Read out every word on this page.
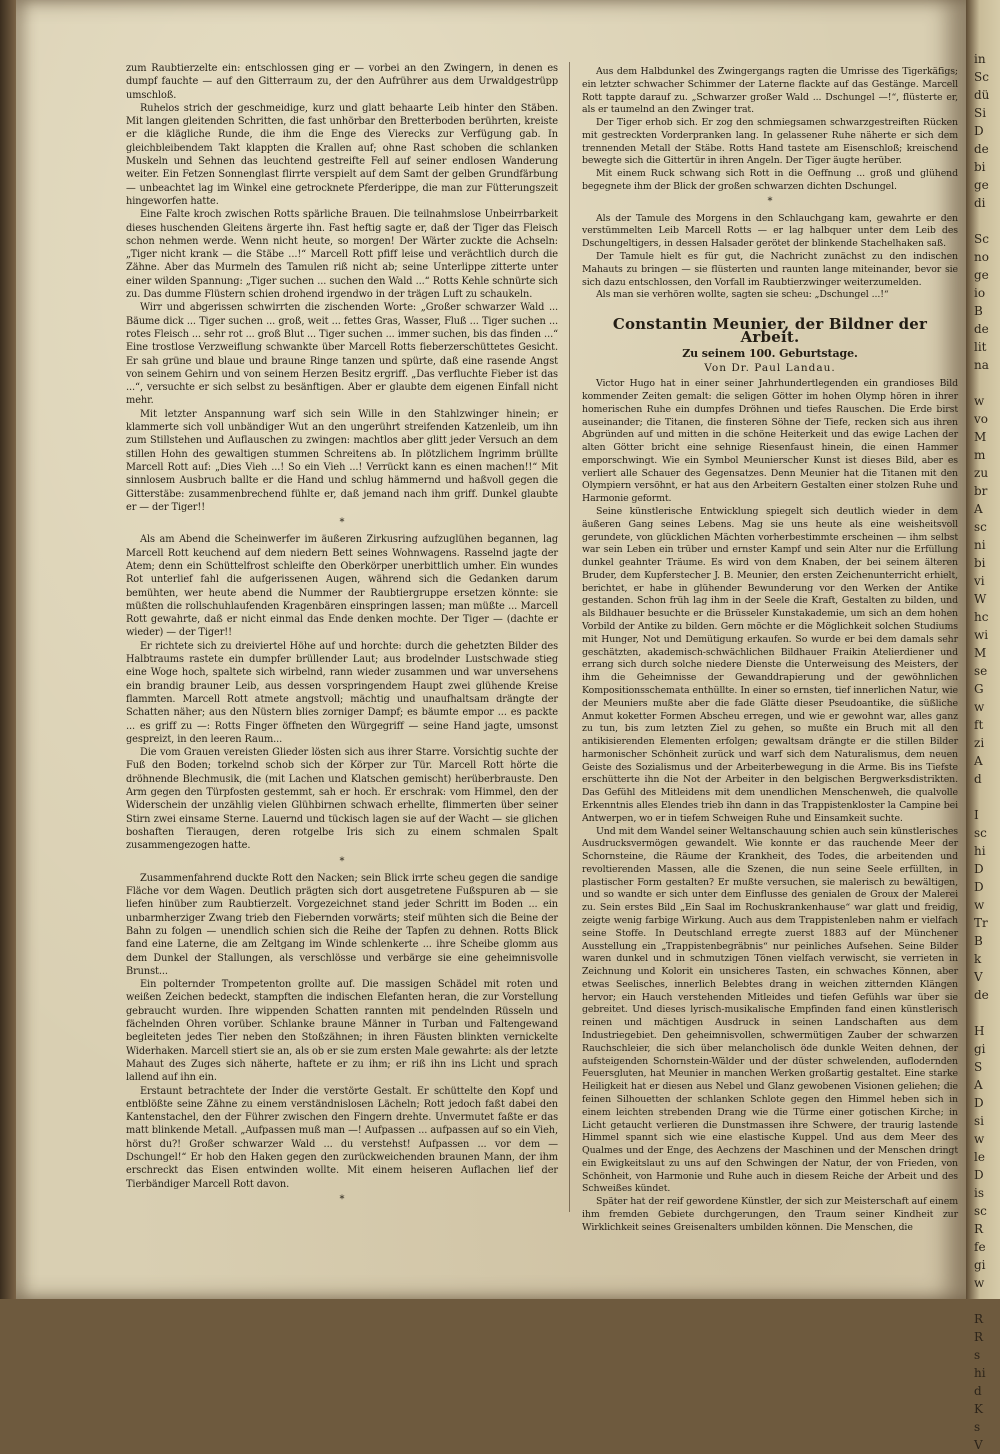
zum Raubtierzelte ein: entschlossen ging er — vorbei an den Zwingern, in denen es dumpf fauchte — auf den Gitterraum zu, der den Aufrührer aus dem Urwaldgestrüpp umschloß.

Ruhelos strich der geschmeidige, kurz und glatt behaarte Leib hinter den Stäben. Mit langen gleitenden Schritten, die fast unhörbar den Bretterboden berührten, kreiste er die klägliche Runde, die ihm die Enge des Vierecks zur Verfügung gab. In gleichbleibendem Takt klappten die Krallen auf; ohne Rast schoben die schlanken Muskeln und Sehnen das leuchtend gestreifte Fell auf seiner endlosen Wanderung weiter. Ein Fetzen Sonnenglast flirrte verspielt auf dem Samt der gelben Grundfärbung — unbeachtet lag im Winkel eine getrocknete Pferderippe, die man zur Fütterungszeit hingeworfen hatte.

Eine Falte kroch zwischen Rotts spärliche Brauen. Die teilnahmslose Unbeirrbarkeit dieses huschenden Gleitens ärgerte ihn. Fast heftig sagte er, daß der Tiger das Fleisch schon nehmen werde. Wenn nicht heute, so morgen! Der Wärter zuckte die Achseln: „Tiger nicht krank — die Stäbe ...!“ Marcell Rott pfiff leise und verächtlich durch die Zähne. Aber das Murmeln des Tamulen riß nicht ab; seine Unterlippe zitterte unter einer wilden Spannung: „Tiger suchen ... suchen den Wald ...“ Rotts Kehle schnürte sich zu. Das dumme Flüstern schien drohend irgendwo in der trägen Luft zu schaukeln.

Wirr und abgerissen schwirrten die zischenden Worte: „Großer schwarzer Wald ... Bäume dick ... Tiger suchen ... groß, weit ... fettes Gras, Wasser, Fluß ... Tiger suchen ... rotes Fleisch ... sehr rot ... groß Blut ... Tiger suchen ... immer suchen, bis das finden ...“ Eine trostlose Verzweiflung schwankte über Marcell Rotts fieberzerschüttetes Gesicht. Er sah grüne und blaue und braune Ringe tanzen und spürte, daß eine rasende Angst von seinem Gehirn und von seinem Herzen Besitz ergriff. „Das verfluchte Fieber ist das ...“, versuchte er sich selbst zu besänftigen. Aber er glaubte dem eigenen Einfall nicht mehr.

Mit letzter Anspannung warf sich sein Wille in den Stahlzwinger hinein; er klammerte sich voll unbändiger Wut an den ungerührt streifenden Katzenleib, um ihn zum Stillstehen und Auflauschen zu zwingen: machtlos aber glitt jeder Versuch an dem stillen Hohn des gewaltigen stummen Schreitens ab. In plötzlichem Ingrimm brüllte Marcell Rott auf: „Dies Vieh ...! So ein Vieh ...! Verrückt kann es einen machen!!“ Mit sinnlosem Ausbruch ballte er die Hand und schlug hämmernd und haßvoll gegen die Gitterstäbe: zusammenbrechend fühlte er, daß jemand nach ihm griff. Dunkel glaubte er — der Tiger!!

*

Als am Abend die Scheinwerfer im äußeren Zirkusring aufzuglühen begannen, lag Marcell Rott keuchend auf dem niedern Bett seines Wohnwagens. Rasselnd jagte der Atem; denn ein Schüttelfrost schleifte den Oberkörper unerbittlich umher. Ein wundes Rot unterlief fahl die aufgerissenen Augen, während sich die Gedanken darum bemühten, wer heute abend die Nummer der Raubtiergruppe ersetzen könnte: sie müßten die rollschuhlaufenden Kragenbären einspringen lassen; man müßte ... Marcell Rott gewahrte, daß er nicht einmal das Ende denken mochte. Der Tiger — (dachte er wieder) — der Tiger!!

Er richtete sich zu dreiviertel Höhe auf und horchte: durch die gehetzten Bilder des Halbtraums rastete ein dumpfer brüllender Laut; aus brodelnder Lustschwade stieg eine Woge hoch, spaltete sich wirbelnd, rann wieder zusammen und war unversehens ein brandig brauner Leib, aus dessen vorspringendem Haupt zwei glühende Kreise flammten. Marcell Rott atmete angstvoll; mächtig und unaufhaltsam drängte der Schatten näher; aus den Nüstern blies zorniger Dampf; es bäumte empor ... es packte ... es griff zu —: Rotts Finger öffneten den Würgegriff — seine Hand jagte, umsonst gespreizt, in den leeren Raum...

Die vom Grauen vereisten Glieder lösten sich aus ihrer Starre. Vorsichtig suchte der Fuß den Boden; torkelnd schob sich der Körper zur Tür. Marcell Rott hörte die dröhnende Blechmusik, die (mit Lachen und Klatschen gemischt) herüberbrauste. Den Arm gegen den Türpfosten gestemmt, sah er hoch. Er erschrak: vom Himmel, den der Widerschein der unzählig vielen Glühbirnen schwach erhellte, flimmerten über seiner Stirn zwei einsame Sterne. Lauernd und tückisch lagen sie auf der Wacht — sie glichen boshaften Tieraugen, deren rotgelbe Iris sich zu einem schmalen Spalt zusammengezogen hatte.

*

Zusammenfahrend duckte Rott den Nacken; sein Blick irrte scheu gegen die sandige Fläche vor dem Wagen. Deutlich prägten sich dort ausgetretene Fußspuren ab — sie liefen hinüber zum Raubtierzelt. Vorgezeichnet stand jeder Schritt im Boden ... ein unbarmherziger Zwang trieb den Fiebernden vorwärts; steif mühten sich die Beine der Bahn zu folgen — unendlich schien sich die Reihe der Tapfen zu dehnen. Rotts Blick fand eine Laterne, die am Zeltgang im Winde schlenkerte ... ihre Scheibe glomm aus dem Dunkel der Stallungen, als verschlösse und verbärge sie eine geheimnisvolle Brunst...

Ein polternder Trompetenton grollte auf. Die massigen Schädel mit roten und weißen Zeichen bedeckt, stampften die indischen Elefanten heran, die zur Vorstellung gebraucht wurden. Ihre wippenden Schatten rannten mit pendelnden Rüsseln und fächelnden Ohren vorüber. Schlanke braune Männer in Turban und Faltengewand begleiteten jedes Tier neben den Stoßzähnen; in ihren Fäusten blinkten vernickelte Widerhaken. Marcell stiert sie an, als ob er sie zum ersten Male gewahrte: als der letzte Mahaut des Zuges sich näherte, haftete er zu ihm; er riß ihn ins Licht und sprach lallend auf ihn ein.

Erstaunt betrachtete der Inder die verstörte Gestalt. Er schüttelte den Kopf und entblößte seine Zähne zu einem verständnislosen Lächeln; Rott jedoch faßt dabei den Kantenstachel, den der Führer zwischen den Fingern drehte. Unvermutet faßte er das matt blinkende Metall. „Aufpassen muß man —! Aufpassen ... aufpassen auf so ein Vieh, hörst du?! Großer schwarzer Wald ... du verstehst! Aufpassen ... vor dem — Dschungel!“ Er hob den Haken gegen den zurückweichenden braunen Mann, der ihm erschreckt das Eisen entwinden wollte. Mit einem heiseren Auflachen lief der Tierbändiger Marcell Rott davon.

*

Aus dem Halbdunkel des Zwingergangs ragten die Umrisse des Tigerkäfigs; ein letzter schwacher Schimmer der Laterne flackte auf das Gestänge. Marcell Rott tappte darauf zu. „Schwarzer großer Wald ... Dschungel —!“, flüsterte er, als er taumelnd an den Zwinger trat.

Der Tiger erhob sich. Er zog den schmiegsamen schwarzgestreiften Rücken mit gestreckten Vorderpranken lang. In gelassener Ruhe näherte er sich dem trennenden Metall der Stäbe. Rotts Hand tastete am Eisenschloß; kreischend bewegte sich die Gittertür in ihren Angeln. Der Tiger äugte herüber.

Mit einem Ruck schwang sich Rott in die Oeffnung ... groß und glühend begegnete ihm der Blick der großen schwarzen dichten Dschungel.

*

Als der Tamule des Morgens in den Schlauchgang kam, gewahrte er den verstümmelten Leib Marcell Rotts — er lag halbquer unter dem Leib des Dschungeltigers, in dessen Halsader gerötet der blinkende Stachelhaken saß.

Der Tamule hielt es für gut, die Nachricht zunächst zu den indischen Mahauts zu bringen — sie flüsterten und raunten lange miteinander, bevor sie sich dazu entschlossen, den Vorfall im Raubtierzwinger weiterzumelden.

Als man sie verhören wollte, sagten sie scheu: „Dschungel ...!“

Constantin Meunier, der Bildner der Arbeit.
Zu seinem 100. Geburtstage.
Von Dr. Paul Landau.

Victor Hugo hat in einer seiner Jahrhundertlegenden ein grandioses Bild kommender Zeiten gemalt: die seligen Götter im hohen Olymp hören in ihrer homerischen Ruhe ein dumpfes Dröhnen und tiefes Rauschen. Die Erde birst auseinander; die Titanen, die finsteren Söhne der Tiefe, recken sich aus ihren Abgründen auf und mitten in die schöne Heiterkeit und das ewige Lachen der alten Götter bricht eine sehnige Riesenfaust hinein, die einen Hammer emporschwingt. Wie ein Symbol Meunierscher Kunst ist dieses Bild, aber es verliert alle Schauer des Gegensatzes. Denn Meunier hat die Titanen mit den Olympiern versöhnt, er hat aus den Arbeitern Gestalten einer stolzen Ruhe und Harmonie geformt.

Seine künstlerische Entwicklung spiegelt sich deutlich wieder in dem äußeren Gang seines Lebens. Mag sie uns heute als eine weisheitsvoll gerundete, von glücklichen Mächten vorherbestimmte erscheinen — ihm selbst war sein Leben ein trüber und ernster Kampf und sein Alter nur die Erfüllung dunkel geahnter Träume. Es wird von dem Knaben, der bei seinem älteren Bruder, dem Kupferstecher J. B. Meunier, den ersten Zeichenunterricht erhielt, berichtet, er habe in glühender Bewunderung vor den Werken der Antike gestanden. Schon früh lag ihm in der Seele die Kraft, Gestalten zu bilden, und als Bildhauer besuchte er die Brüsseler Kunstakademie, um sich an dem hohen Vorbild der Antike zu bilden. Gern möchte er die Möglichkeit solchen Studiums mit Hunger, Not und Demütigung erkaufen. So wurde er bei dem damals sehr geschätzten, akademisch-schwächlichen Bildhauer Fraikin Atelierdiener und errang sich durch solche niedere Dienste die Unterweisung des Meisters, der ihm die Geheimnisse der Gewanddrapierung und der gewöhnlichen Kompositionsschemata enthüllte. In einer so ernsten, tief innerlichen Natur, wie der Meuniers mußte aber die fade Glätte dieser Pseudoantike, die süßliche Anmut koketter Formen Abscheu erregen, und wie er gewohnt war, alles ganz zu tun, bis zum letzten Ziel zu gehen, so mußte ein Bruch mit all den antikisierenden Elementen erfolgen; gewaltsam drängte er die stillen Bilder harmonischer Schönheit zurück und warf sich dem Naturalismus, dem neuen Geiste des Sozialismus und der Arbeiterbewegung in die Arme. Bis ins Tiefste erschütterte ihn die Not der Arbeiter in den belgischen Bergwerksdistrikten. Das Gefühl des Mitleidens mit dem unendlichen Menschenweh, die qualvolle Erkenntnis alles Elendes trieb ihn dann in das Trappistenkloster la Campine bei Antwerpen, wo er in tiefem Schweigen Ruhe und Einsamkeit suchte.

Und mit dem Wandel seiner Weltanschauung schien auch sein künstlerisches Ausdrucksvermögen gewandelt. Wie konnte er das rauchende Meer der Schornsteine, die Räume der Krankheit, des Todes, die arbeitenden und revoltierenden Massen, alle die Szenen, die nun seine Seele erfüllten, in plastischer Form gestalten? Er mußte versuchen, sie malerisch zu bewältigen, und so wandte er sich unter dem Einflusse des genialen de Groux der Malerei zu. Sein erstes Bild „Ein Saal im Rochuskrankenhause“ war glatt und freidig, zeigte wenig farbige Wirkung. Auch aus dem Trappistenleben nahm er vielfach seine Stoffe. In Deutschland erregte zuerst 1883 auf der Münchener Ausstellung ein „Trappistenbegräbnis“ nur peinliches Aufsehen. Seine Bilder waren dunkel und in schmutzigen Tönen vielfach verwischt, sie verrieten in Zeichnung und Kolorit ein unsicheres Tasten, ein schwaches Können, aber etwas Seelisches, innerlich Belebtes drang in weichen zitternden Klängen hervor; ein Hauch verstehenden Mitleides und tiefen Gefühls war über sie gebreitet. Und dieses lyrisch-musikalische Empfinden fand einen künstlerisch reinen und mächtigen Ausdruck in seinen Landschaften aus dem Industriegebiet. Den geheimnisvollen, schwermütigen Zauber der schwarzen Rauchschleier, die sich über melancholisch öde dunkle Weiten dehnen, der aufsteigenden Schornstein-Wälder und der düster schwelenden, auflodernden Feuersgluten, hat Meunier in manchen Werken großartig gestaltet. Eine starke Heiligkeit hat er diesen aus Nebel und Glanz gewobenen Visionen geliehen; die feinen Silhouetten der schlanken Schlote gegen den Himmel heben sich in einem leichten strebenden Drang wie die Türme einer gotischen Kirche; in Licht getaucht verlieren die Dunstmassen ihre Schwere, der traurig lastende Himmel spannt sich wie eine elastische Kuppel. Und aus dem Meer des Qualmes und der Enge, des Aechzens der Maschinen und der Menschen dringt ein Ewigkeitslaut zu uns auf den Schwingen der Natur, der von Frieden, von Schönheit, von Harmonie und Ruhe auch in diesem Reiche der Arbeit und des Schweißes kündet.

Später hat der reif gewordene Künstler, der sich zur Meisterschaft auf einem ihm fremden Gebiete durchgerungen, den Traum seiner Kindheit zur Wirklichkeit seines Greisenalters umbilden können. Die Menschen, die

in
Sc
dü
Si
D
de
bi
ge
di

Sc
no
ge
io
B
de
lit
na

w
vo
M
m
zu
br
A
sc
ni
bi
vi
W
hc
wi
M
se
G
w
ft
zi
A
d

I
sc
hi
D
D
w
Tr
B
k
V
de

H
gi
S
A
D
si
w
le
D
is
sc
R
fe
gi
w

R
R
s
hi
d
K
s
V
